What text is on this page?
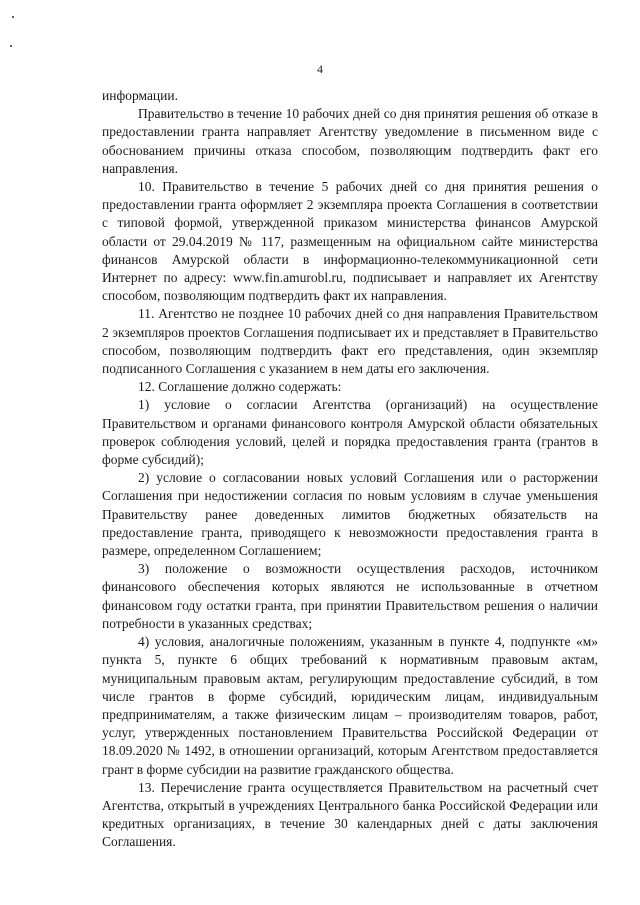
4

информации.

Правительство в течение 10 рабочих дней со дня принятия решения об отказе в предоставлении гранта направляет Агентству уведомление в письменном виде с обоснованием причины отказа способом, позволяющим подтвердить факт его направления.

10. Правительство в течение 5 рабочих дней со дня принятия решения о предоставлении гранта оформляет 2 экземпляра проекта Соглашения в соответствии с типовой формой, утвержденной приказом министерства финансов Амурской области от 29.04.2019 № 117, размещенным на официальном сайте министерства финансов Амурской области в информационно-телекоммуникационной сети Интернет по адресу: www.fin.amurobl.ru, подписывает и направляет их Агентству способом, позволяющим подтвердить факт их направления.

11. Агентство не позднее 10 рабочих дней со дня направления Правительством 2 экземпляров проектов Соглашения подписывает их и представляет в Правительство способом, позволяющим подтвердить факт его представления, один экземпляр подписанного Соглашения с указанием в нем даты его заключения.

12. Соглашение должно содержать:

1) условие о согласии Агентства (организаций) на осуществление Правительством и органами финансового контроля Амурской области обязательных проверок соблюдения условий, целей и порядка предоставления гранта (грантов в форме субсидий);

2) условие о согласовании новых условий Соглашения или о расторжении Соглашения при недостижении согласия по новым условиям в случае уменьшения Правительству ранее доведенных лимитов бюджетных обязательств на предоставление гранта, приводящего к невозможности предоставления гранта в размере, определенном Соглашением;

3) положение о возможности осуществления расходов, источником финансового обеспечения которых являются не использованные в отчетном финансовом году остатки гранта, при принятии Правительством решения о наличии потребности в указанных средствах;

4) условия, аналогичные положениям, указанным в пункте 4, подпункте «м» пункта 5, пункте 6 общих требований к нормативным правовым актам, муниципальным правовым актам, регулирующим предоставление субсидий, в том числе грантов в форме субсидий, юридическим лицам, индивидуальным предпринимателям, а также физическим лицам – производителям товаров, работ, услуг, утвержденных постановлением Правительства Российской Федерации от 18.09.2020 № 1492, в отношении организаций, которым Агентством предоставляется грант в форме субсидии на развитие гражданского общества.

13. Перечисление гранта осуществляется Правительством на расчетный счет Агентства, открытый в учреждениях Центрального банка Российской Федерации или кредитных организациях, в течение 30 календарных дней с даты заключения Соглашения.
